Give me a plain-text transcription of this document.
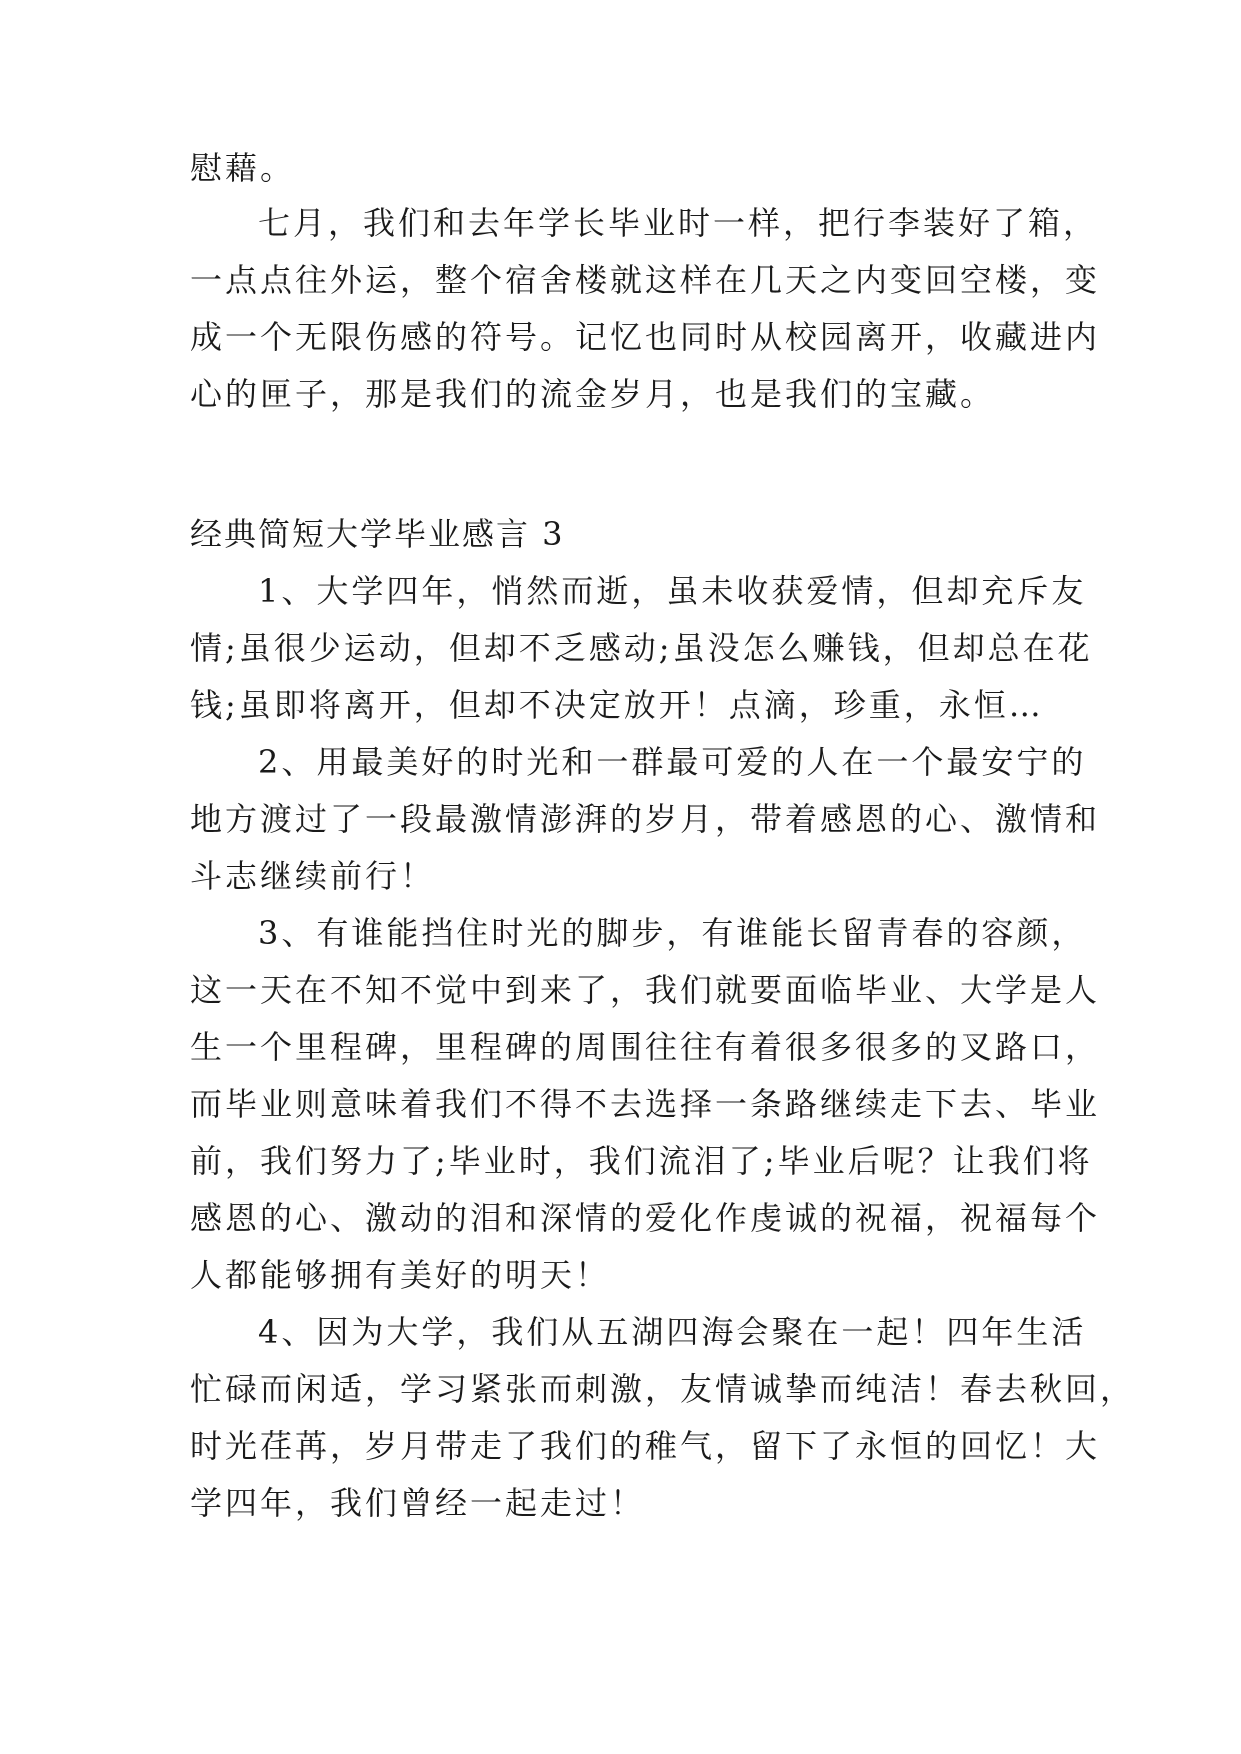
慰藉。
七月，我们和去年学长毕业时一样，把行李装好了箱，
一点点往外运，整个宿舍楼就这样在几天之内变回空楼，变
成一个无限伤感的符号。记忆也同时从校园离开，收藏进内
心的匣子，那是我们的流金岁月，也是我们的宝藏。
经典简短大学毕业感言 3
1、大学四年，悄然而逝，虽未收获爱情，但却充斥友
情;虽很少运动，但却不乏感动;虽没怎么赚钱，但却总在花
钱;虽即将离开，但却不决定放开！点滴，珍重，永恒…
2、用最美好的时光和一群最可爱的人在一个最安宁的
地方渡过了一段最激情澎湃的岁月，带着感恩的心、激情和
斗志继续前行！
3、有谁能挡住时光的脚步，有谁能长留青春的容颜，
这一天在不知不觉中到来了，我们就要面临毕业、大学是人
生一个里程碑，里程碑的周围往往有着很多很多的叉路口，
而毕业则意味着我们不得不去选择一条路继续走下去、毕业
前，我们努力了;毕业时，我们流泪了;毕业后呢？让我们将
感恩的心、激动的泪和深情的爱化作虔诚的祝福，祝福每个
人都能够拥有美好的明天！
4、因为大学，我们从五湖四海会聚在一起！四年生活
忙碌而闲适，学习紧张而刺激，友情诚挚而纯洁！春去秋回，
时光荏苒，岁月带走了我们的稚气，留下了永恒的回忆！大
学四年，我们曾经一起走过！
